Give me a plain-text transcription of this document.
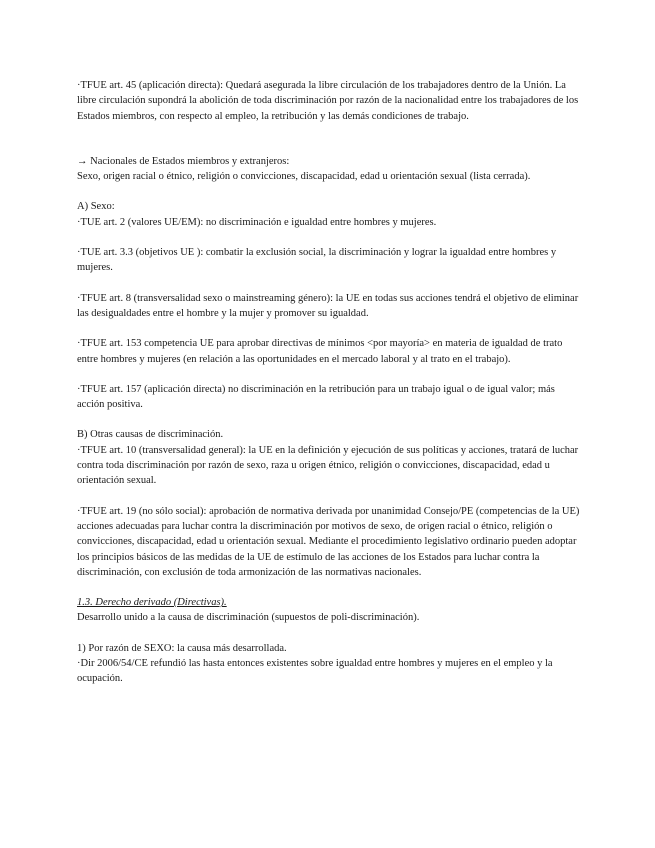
·TFUE art. 45 (aplicación directa): Quedará asegurada la libre circulación de los trabajadores dentro de la Unión. La libre circulación supondrá la abolición de toda discriminación por razón de la nacionalidad entre los trabajadores de los Estados miembros, con respecto al empleo, la retribución y las demás condiciones de trabajo.

→ Nacionales de Estados miembros y extranjeros:

Sexo, origen racial o étnico, religión o convicciones, discapacidad, edad u orientación sexual (lista cerrada).

A) Sexo:

·TUE art. 2 (valores UE/EM): no discriminación e igualdad entre hombres y mujeres.

·TUE art. 3.3 (objetivos UE ): combatir la exclusión social, la discriminación y lograr la igualdad entre hombres y mujeres.

·TFUE art. 8 (transversalidad sexo o mainstreaming género): la UE en todas sus acciones tendrá el objetivo de eliminar las desigualdades entre el hombre y la mujer y promover su igualdad.

·TFUE art. 153 competencia UE para aprobar directivas de mínimos <por mayoría> en materia de igualdad de trato entre hombres y mujeres (en relación a las oportunidades en el mercado laboral y al trato en el trabajo).

·TFUE art. 157 (aplicación directa) no discriminación en la retribución para un trabajo igual o de igual valor; más acción positiva.

B) Otras causas de discriminación.

·TFUE art. 10 (transversalidad general): la UE en la definición y ejecución de sus políticas y acciones, tratará de luchar contra toda discriminación por razón de sexo, raza u origen étnico, religión o convicciones, discapacidad, edad u orientación sexual.

·TFUE art. 19 (no sólo social): aprobación de normativa derivada por unanimidad Consejo/PE (competencias de la UE) acciones adecuadas para luchar contra la discriminación por motivos de sexo, de origen racial o étnico, religión o convicciones, discapacidad, edad u orientación sexual. Mediante el procedimiento legislativo ordinario pueden adoptar los principios básicos de las medidas de la UE de estímulo de las acciones de los Estados para luchar contra la discriminación, con exclusión de toda armonización de las normativas nacionales.

1.3. Derecho derivado (Directivas).

Desarrollo unido a la causa de discriminación (supuestos de poli-discriminación).

1) Por razón de SEXO: la causa más desarrollada.

·Dir 2006/54/CE refundió las hasta entonces existentes sobre igualdad entre hombres y mujeres en el empleo y la ocupación.
